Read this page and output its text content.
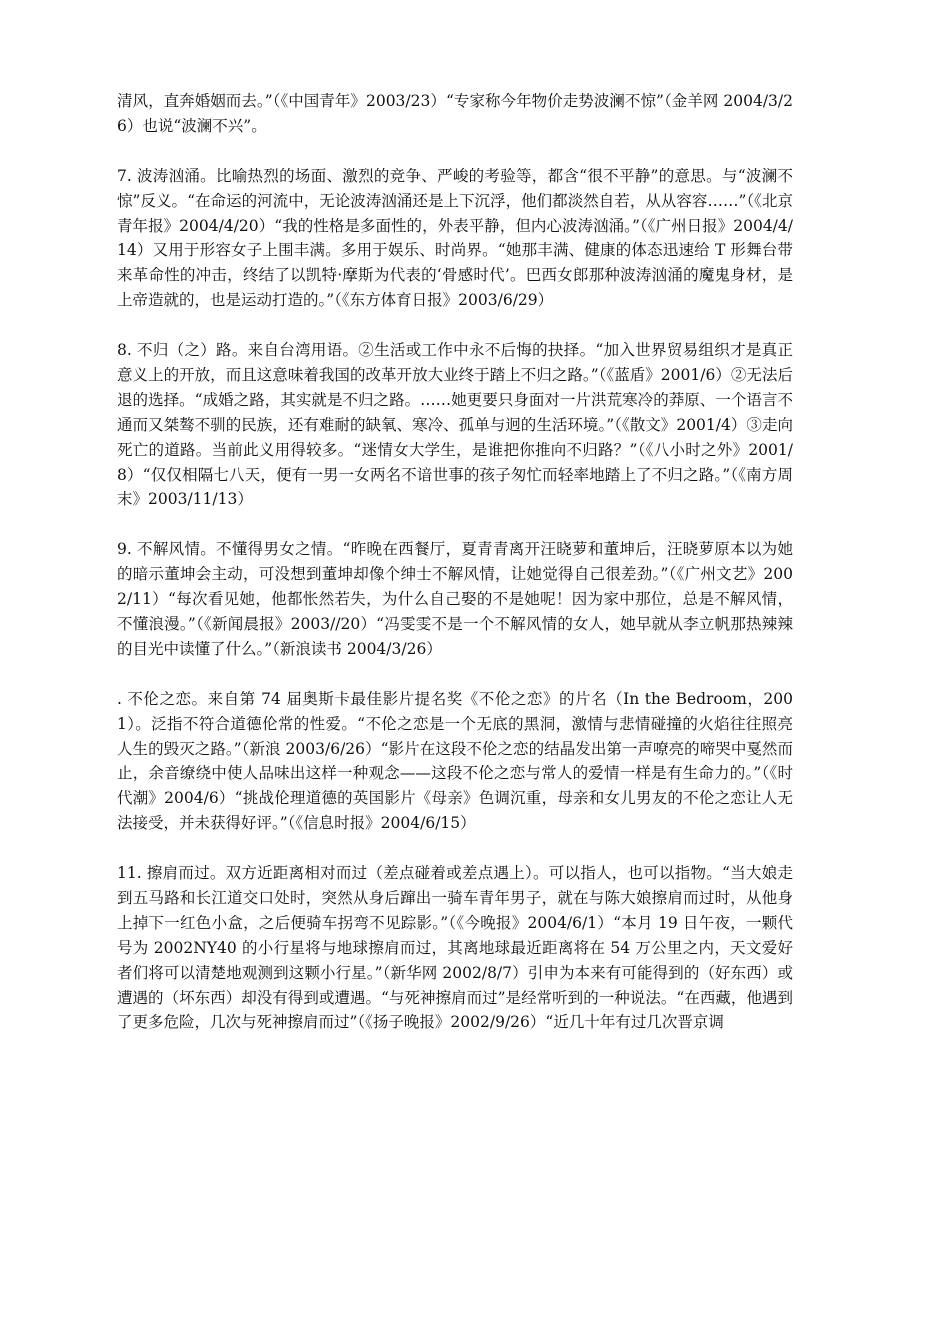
清风，直奔婚姻而去。”（《中国青年》2003/23）“专家称今年物价走势波澜不惊”（金羊网 2004/3/26）也说“波澜不兴”。

7. 波涛汹涌。比喻热烈的场面、激烈的竞争、严峻的考验等，都含“很不平静”的意思。与“波澜不惊”反义。“在命运的河流中，无论波涛汹涌还是上下沉浮，他们都淡然自若，从从容容……”（《北京青年报》2004/4/20）“我的性格是多面性的，外表平静，但内心波涛汹涌。”（《广州日报》2004/4/14）又用于形容女子上围丰满。多用于娱乐、时尚界。“她那丰满、健康的体态迅速给 T 形舞台带来革命性的冲击，终结了以凯特·摩斯为代表的‘骨感时代’。巴西女郎那种波涛汹涌的魔鬼身材，是上帝造就的，也是运动打造的。”（《东方体育日报》2003/6/29）

8. 不归（之）路。来自台湾用语。②生活或工作中永不后悔的抉择。“加入世界贸易组织才是真正意义上的开放，而且这意味着我国的改革开放大业终于踏上不归之路。”（《蓝盾》2001/6）②无法后退的选择。“成婚之路，其实就是不归之路。……她更要只身面对一片洪荒寒冷的莽原、一个语言不通而又桀骜不驯的民族，还有难耐的缺氧、寒冷、孤单与迥的生活环境。”（《散文》2001/4）③走向死亡的道路。当前此义用得较多。“迷情女大学生，是谁把你推向不归路？”（《八小时之外》2001/8）“仅仅相隔七八天，便有一男一女两名不谙世事的孩子匆忙而轻率地踏上了不归之路。”（《南方周末》2003/11/13）

9. 不解风情。不懂得男女之情。“昨晚在西餐厅，夏青青离开汪晓萝和董坤后，汪晓萝原本以为她的暗示董坤会主动，可没想到董坤却像个绅士不解风情，让她觉得自己很差劲。”（《广州文艺》2002/11）“每次看见她，他都怅然若失，为什么自己娶的不是她呢！因为家中那位，总是不解风情，不懂浪漫。”（《新闻晨报》2003//20）“冯雯雯不是一个不解风情的女人，她早就从李立帆那热辣辣的目光中读懂了什么。”（新浪读书 2004/3/26）

. 不伦之恋。来自第 74 届奥斯卡最佳影片提名奖《不伦之恋》的片名（In the Bedroom，2001）。泛指不符合道德伦常的性爱。“不伦之恋是一个无底的黑洞，激情与悲情碰撞的火焰往往照亮人生的毁灭之路。”（新浪 2003/6/26）“影片在这段不伦之恋的结晶发出第一声嘹亮的啼哭中戛然而止，余音缭绕中使人品味出这样一种观念——这段不伦之恋与常人的爱情一样是有生命力的。”（《时代潮》2004/6）“挑战伦理道德的英国影片《母亲》色调沉重，母亲和女儿男友的不伦之恋让人无法接受，并未获得好评。”（《信息时报》2004/6/15）

11. 擦肩而过。双方近距离相对而过（差点碰着或差点遇上）。可以指人，也可以指物。“当大娘走到五马路和长江道交口处时，突然从身后蹿出一骑车青年男子，就在与陈大娘擦肩而过时，从他身上掉下一红色小盒，之后便骑车拐弯不见踪影。”（《今晚报》2004/6/1）“本月 19 日午夜，一颗代号为 2002NY40 的小行星将与地球擦肩而过，其离地球最近距离将在 54 万公里之内，天文爱好者们将可以清楚地观测到这颗小行星。”（新华网 2002/8/7）引申为本来有可能得到的（好东西）或遭遇的（坏东西）却没有得到或遭遇。“与死神擦肩而过”是经常听到的一种说法。“在西藏，他遇到了更多危险，几次与死神擦肩而过”（《扬子晚报》2002/9/26）“近几十年有过几次晋京调
